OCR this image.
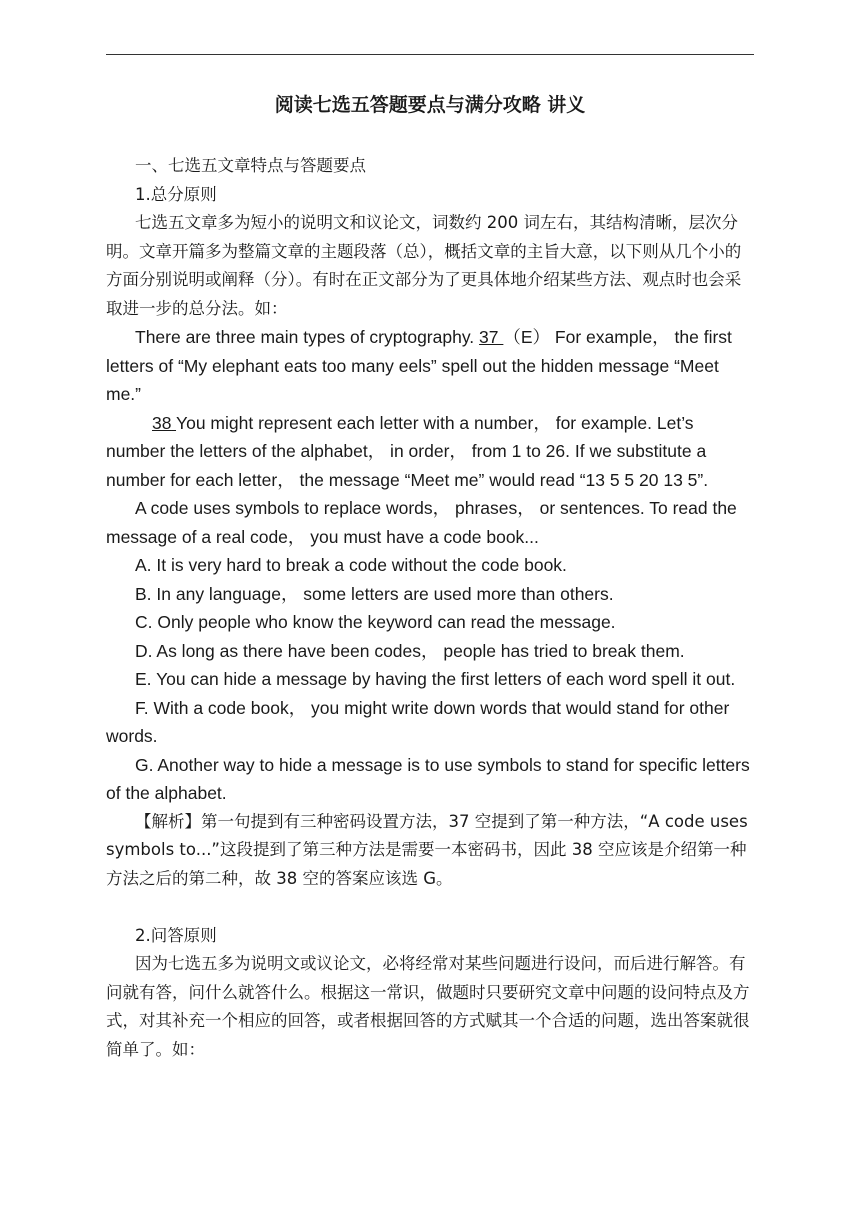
阅读七选五答题要点与满分攻略 讲义

一、七选五文章特点与答题要点

1.总分原则

七选五文章多为短小的说明文和议论文，词数约 200 词左右，其结构清晰，层次分明。文章开篇多为整篇文章的主题段落（总），概括文章的主旨大意，以下则从几个小的方面分别说明或阐释（分）。有时在正文部分为了更具体地介绍某些方法、观点时也会采取进一步的总分法。如：

There are three main types of cryptography. 37 （E） For example， the first letters of “My elephant eats too many eels” spell out the hidden message “Meet me.”

38 You might represent each letter with a number， for example. Let’s number the letters of the alphabet， in order， from 1 to 26. If we substitute a number for each letter， the message “Meet me” would read “13 5 5 20 13 5”.

A code uses symbols to replace words， phrases， or sentences. To read the message of a real code， you must have a code book...

A. It is very hard to break a code without the code book.

B. In any language， some letters are used more than others.

C. Only people who know the keyword can read the message.

D. As long as there have been codes， people has tried to break them.

E. You can hide a message by having the first letters of each word spell it out.

F. With a code book， you might write down words that would stand for other words.

G. Another way to hide a message is to use symbols to stand for specific letters of the alphabet.

【解析】第一句提到有三种密码设置方法，37 空提到了第一种方法，“A code uses symbols to...”这段提到了第三种方法是需要一本密码书，因此 38 空应该是介绍第一种方法之后的第二种，故 38 空的答案应该选 G。

2.问答原则

因为七选五多为说明文或议论文，必将经常对某些问题进行设问，而后进行解答。有问就有答，问什么就答什么。根据这一常识，做题时只要研究文章中问题的设问特点及方式，对其补充一个相应的回答，或者根据回答的方式赋其一个合适的问题，选出答案就很简单了。如：
